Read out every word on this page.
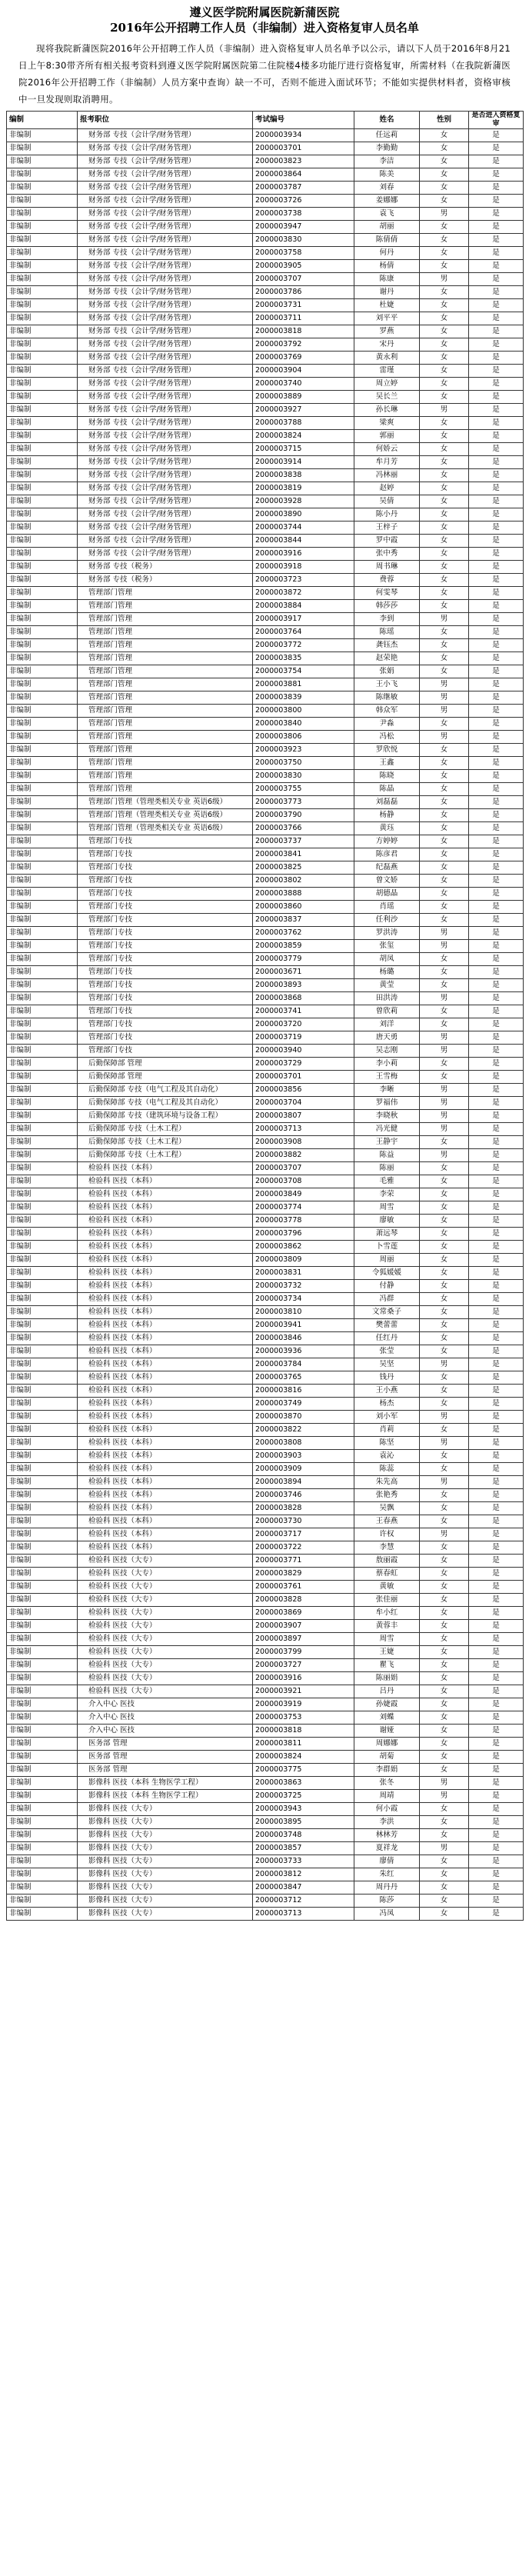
遵义医学院附属医院新蒲医院
2016年公开招聘工作人员（非编制）进入资格复审人员名单

现将我院新蒲医院2016年公开招聘工作人员（非编制）进入资格复审人员名单予以公示，请以下人员于2016年8月21日上午8:30带齐所有相关报考资料到遵义医学院附属医院第二住院楼4楼多功能厅进行资格复审，所需材料（在我院新蒲医院2016年公开招聘工作（非编制）人员方案中查询）缺一不可，否则不能进入面试环节；不能如实提供材料者，资格审核中一旦发现则取消聘用。

编制	报考职位	考试编号	姓名	性别	是否进入资格复审
非编制	财务部 专技（会计学/财务管理）	2000003934	任远莉	女	是
非编制	财务部 专技（会计学/财务管理）	2000003701	李勤勤	女	是
非编制	财务部 专技（会计学/财务管理）	2000003823	李洁	女	是
非编制	财务部 专技（会计学/财务管理）	2000003864	陈美	女	是
非编制	财务部 专技（会计学/财务管理）	2000003787	刘春	女	是
非编制	财务部 专技（会计学/财务管理）	2000003726	姜娜娜	女	是
非编制	财务部 专技（会计学/财务管理）	2000003738	袁飞	男	是
非编制	财务部 专技（会计学/财务管理）	2000003947	胡丽	女	是
非编制	财务部 专技（会计学/财务管理）	2000003830	陈倩倩	女	是
非编制	财务部 专技（会计学/财务管理）	2000003758	何丹	女	是
非编制	财务部 专技（会计学/财务管理）	2000003905	杨倩	女	是
非编制	财务部 专技（会计学/财务管理）	2000003707	陈康	男	是
非编制	财务部 专技（会计学/财务管理）	2000003786	谢丹	女	是
非编制	财务部 专技（会计学/财务管理）	2000003731	杜婕	女	是
非编制	财务部 专技（会计学/财务管理）	2000003711	刘平平	女	是
非编制	财务部 专技（会计学/财务管理）	2000003818	罗燕	女	是
非编制	财务部 专技（会计学/财务管理）	2000003792	宋丹	女	是
非编制	财务部 专技（会计学/财务管理）	2000003769	黄永利	女	是
非编制	财务部 专技（会计学/财务管理）	2000003904	雷瑾	女	是
非编制	财务部 专技（会计学/财务管理）	2000003740	周立婷	女	是
非编制	财务部 专技（会计学/财务管理）	2000003889	吴长兰	女	是
非编制	财务部 专技（会计学/财务管理）	2000003927	孙长琳	男	是
非编制	财务部 专技（会计学/财务管理）	2000003788	梁爽	女	是
非编制	财务部 专技（会计学/财务管理）	2000003824	郭丽	女	是
非编制	财务部 专技（会计学/财务管理）	2000003715	何娇云	女	是
非编制	财务部 专技（会计学/财务管理）	2000003914	牟月芳	女	是
非编制	财务部 专技（会计学/财务管理）	2000003838	冯林丽	女	是
非编制	财务部 专技（会计学/财务管理）	2000003819	赵婷	女	是
非编制	财务部 专技（会计学/财务管理）	2000003928	吴倩	女	是
非编制	财务部 专技（会计学/财务管理）	2000003890	陈小丹	女	是
非编制	财务部 专技（会计学/财务管理）	2000003744	王梓子	女	是
非编制	财务部 专技（会计学/财务管理）	2000003844	罗中霞	女	是
非编制	财务部 专技（会计学/财务管理）	2000003916	张中秀	女	是
非编制	财务部 专技（税务）	2000003918	周书琳	女	是
非编制	财务部 专技（税务）	2000003723	费蓉	女	是
非编制	管理部门管理	2000003872	何雯琴	女	是
非编制	管理部门管理	2000003884	韩莎莎	女	是
非编制	管理部门管理	2000003917	李到	男	是
非编制	管理部门管理	2000003764	陈瑶	女	是
非编制	管理部门管理	2000003772	龚钰杰	女	是
非编制	管理部门管理	2000003835	赵荣艳	女	是
非编制	管理部门管理	2000003754	张娟	女	是
非编制	管理部门管理	2000003881	王小飞	男	是
非编制	管理部门管理	2000003839	陈继敏	男	是
非编制	管理部门管理	2000003800	韩众军	男	是
非编制	管理部门管理	2000003840	尹淼	女	是
非编制	管理部门管理	2000003806	冯松	男	是
非编制	管理部门管理	2000003923	罗欣悦	女	是
非编制	管理部门管理	2000003750	王鑫	女	是
非编制	管理部门管理	2000003830	陈晓	女	是
非编制	管理部门管理	2000003755	陈晶	女	是
非编制	管理部门管理（管理类相关专业 英语6级）	2000003773	刘磊磊	女	是
非编制	管理部门管理（管理类相关专业 英语6级）	2000003790	杨静	女	是
非编制	管理部门管理（管理类相关专业 英语6级）	2000003766	黄珏	女	是
非编制	管理部门专技	2000003737	方婷婷	女	是
非编制	管理部门专技	2000003841	陈彦君	女	是
非编制	管理部门专技	2000003825	纪磊燕	女	是
非编制	管理部门专技	2000003802	曾文娇	女	是
非编制	管理部门专技	2000003888	胡德晶	女	是
非编制	管理部门专技	2000003860	肖瑶	女	是
非编制	管理部门专技	2000003837	任利沙	女	是
非编制	管理部门专技	2000003762	罗洪涛	男	是
非编制	管理部门专技	2000003859	张玺	男	是
非编制	管理部门专技	2000003779	胡凤	女	是
非编制	管理部门专技	2000003671	杨璐	女	是
非编制	管理部门专技	2000003893	黄莹	女	是
非编制	管理部门专技	2000003868	田洪涛	男	是
非编制	管理部门专技	2000003741	曾欣莉	女	是
非编制	管理部门专技	2000003720	刘洋	女	是
非编制	管理部门专技	2000003719	唐天勇	男	是
非编制	管理部门专技	2000003940	吴志刚	男	是
非编制	后勤保障部 管理	2000003729	李小莉	女	是
非编制	后勤保障部 管理	2000003701	王雪梅	女	是
非编制	后勤保障部 专技（电气工程及其自动化）	2000003856	李晰	男	是
非编制	后勤保障部 专技（电气工程及其自动化）	2000003704	罗福伟	男	是
非编制	后勤保障部 专技（建筑环境与设备工程）	2000003807	李晓秋	男	是
非编制	后勤保障部 专技（土木工程）	2000003713	冯光健	男	是
非编制	后勤保障部 专技（土木工程）	2000003908	王静宇	女	是
非编制	后勤保障部 专技（土木工程）	2000003882	陈益	男	是
非编制	检验科 医技（本科）	2000003707	陈丽	女	是
非编制	检验科 医技（本科）	2000003708	毛雅	女	是
非编制	检验科 医技（本科）	2000003849	李荣	女	是
非编制	检验科 医技（本科）	2000003774	周雪	女	是
非编制	检验科 医技（本科）	2000003778	廖敏	女	是
非编制	检验科 医技（本科）	2000003796	萧远琴	女	是
非编制	检验科 医技（本科）	2000003862	卜雪莲	女	是
非编制	检验科 医技（本科）	2000003809	周丽	女	是
非编制	检验科 医技（本科）	2000003831	令狐媛媛	女	是
非编制	检验科 医技（本科）	2000003732	付静	女	是
非编制	检验科 医技（本科）	2000003734	冯群	女	是
非编制	检验科 医技（本科）	2000003810	文常桑子	女	是
非编制	检验科 医技（本科）	2000003941	樊蕾蕾	女	是
非编制	检验科 医技（本科）	2000003846	任红丹	女	是
非编制	检验科 医技（本科）	2000003936	张莹	女	是
非编制	检验科 医技（本科）	2000003784	吴坚	男	是
非编制	检验科 医技（本科）	2000003765	钱丹	女	是
非编制	检验科 医技（本科）	2000003816	王小燕	女	是
非编制	检验科 医技（本科）	2000003749	杨杰	女	是
非编制	检验科 医技（本科）	2000003870	刘小军	男	是
非编制	检验科 医技（本科）	2000003822	肖莉	女	是
非编制	检验科 医技（本科）	2000003808	陈坚	男	是
非编制	检验科 医技（本科）	2000003903	袁沁	女	是
非编制	检验科 医技（本科）	2000003909	陈蕊	女	是
非编制	检验科 医技（本科）	2000003894	朱先高	男	是
非编制	检验科 医技（本科）	2000003746	张艳秀	女	是
非编制	检验科 医技（本科）	2000003828	吴飘	女	是
非编制	检验科 医技（本科）	2000003730	王春燕	女	是
非编制	检验科 医技（本科）	2000003717	许权	男	是
非编制	检验科 医技（本科）	2000003722	李慧	女	是
非编制	检验科 医技（大专）	2000003771	敖丽霞	女	是
非编制	检验科 医技（大专）	2000003829	蔡春虹	女	是
非编制	检验科 医技（大专）	2000003761	黄敏	女	是
非编制	检验科 医技（大专）	2000003828	张佳丽	女	是
非编制	检验科 医技（大专）	2000003869	牟小红	女	是
非编制	检验科 医技（大专）	2000003907	黄蓉丰	女	是
非编制	检验科 医技（大专）	2000003897	周雪	女	是
非编制	检验科 医技（大专）	2000003799	王婕	女	是
非编制	检验科 医技（大专）	2000003727	瞿飞	女	是
非编制	检验科 医技（大专）	2000003916	陈丽娟	女	是
非编制	检验科 医技（大专）	2000003921	吕丹	女	是
非编制	介入中心 医技	2000003919	孙婕霞	女	是
非编制	介入中心 医技	2000003753	刘蝶	女	是
非编制	介入中心 医技	2000003818	谢娅	女	是
非编制	医务部 管理	2000003811	周娜娜	女	是
非编制	医务部 管理	2000003824	胡菊	女	是
非编制	医务部 管理	2000003775	李群娟	女	是
非编制	影像科 医技（本科 生物医学工程）	2000003863	张冬	男	是
非编制	影像科 医技（本科 生物医学工程）	2000003725	周靖	男	是
非编制	影像科 医技（大专）	2000003943	何小霞	女	是
非编制	影像科 医技（大专）	2000003895	李洪	女	是
非编制	影像科 医技（大专）	2000003748	林林芳	女	是
非编制	影像科 医技（大专）	2000003857	夏祥龙	男	是
非编制	影像科 医技（大专）	2000003733	廖倩	女	是
非编制	影像科 医技（大专）	2000003812	朱红	女	是
非编制	影像科 医技（大专）	2000003847	周丹丹	女	是
非编制	影像科 医技（大专）	2000003712	陈莎	女	是
非编制	影像科 医技（大专）	2000003713	冯凤	女	是
